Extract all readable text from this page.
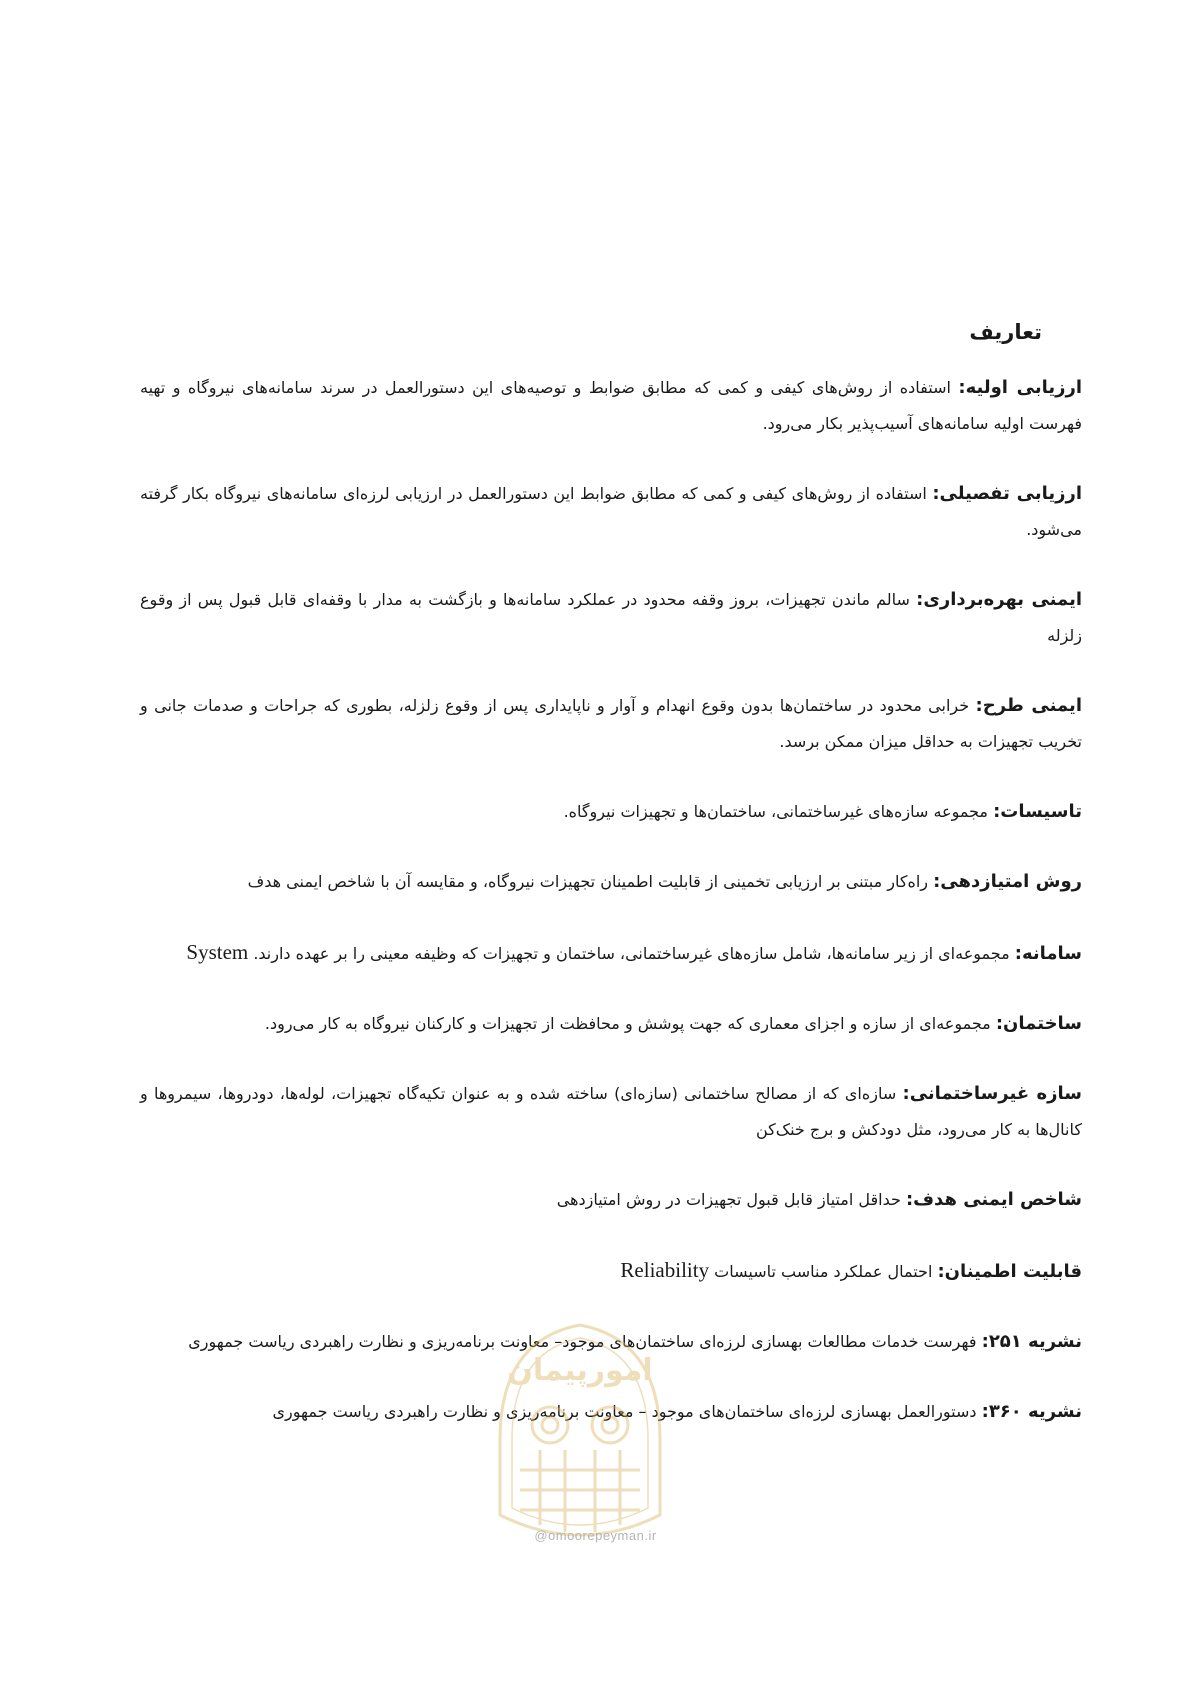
تعاریف

ارزیابی اولیه: استفاده از روش‌های کیفی و کمی که مطابق ضوابط و توصیه‌های این دستورالعمل در سرند سامانه‌های نیروگاه و تهیه فهرست اولیه سامانه‌های آسیب‌پذیر بکار می‌رود.

ارزیابی تفصیلی: استفاده از روش‌های کیفی و کمی که مطابق ضوابط این دستورالعمل در ارزیابی لرزه‌ای سامانه‌های نیروگاه بکار گرفته می‌شود.

ایمنی بهره‌برداری: سالم ماندن تجهیزات، بروز وقفه محدود در عملکرد سامانه‌ها و بازگشت به مدار با وقفه‌ای قابل قبول پس از وقوع زلزله

ایمنی طرح: خرابی محدود در ساختمان‌ها بدون وقوع انهدام و آوار و ناپایداری پس از وقوع زلزله، بطوری که جراحات و صدمات جانی و تخریب تجهیزات به حداقل میزان ممکن برسد.

تاسیسات: مجموعه سازه‌های غیرساختمانی، ساختمان‌ها و تجهیزات نیروگاه.

روش امتیازدهی: راه‌کار مبتنی بر ارزیابی تخمینی از قابلیت اطمینان تجهیزات نیروگاه، و مقایسه آن با شاخص ایمنی هدف

سامانه: مجموعه‌ای از زیر سامانه‌ها، شامل سازه‌های غیرساختمانی، ساختمان و تجهیزات که وظیفه معینی را بر عهده دارند. System

ساختمان: مجموعه‌ای از سازه و اجزای معماری که جهت پوشش و محافظت از تجهیزات و کارکنان نیروگاه به کار می‌رود.

سازه غیرساختمانی: سازه‌ای که از مصالح ساختمانی (سازه‌ای) ساخته شده و به عنوان تکیه‌گاه تجهیزات، لوله‌ها، دودروها، سیمروها و کانال‌ها به کار می‌رود، مثل دودکش و برج خنک‌کن

شاخص ایمنی هدف: حداقل امتیاز قابل قبول تجهیزات در روش امتیازدهی

قابلیت اطمینان: احتمال عملکرد مناسب تاسیسات Reliability

نشریه ۲۵۱: فهرست خدمات مطالعات بهسازی لرزه‌ای ساختمان‌های موجود– معاونت برنامه‌ریزی و نظارت راهبردی ریاست جمهوری

نشریه ۳۶۰: دستورالعمل بهسازی لرزه‌ای ساختمان‌های موجود – معاونت برنامه‌ریزی و نظارت راهبردی ریاست جمهوری

امورپیمان
@omoorepeyman.ir
